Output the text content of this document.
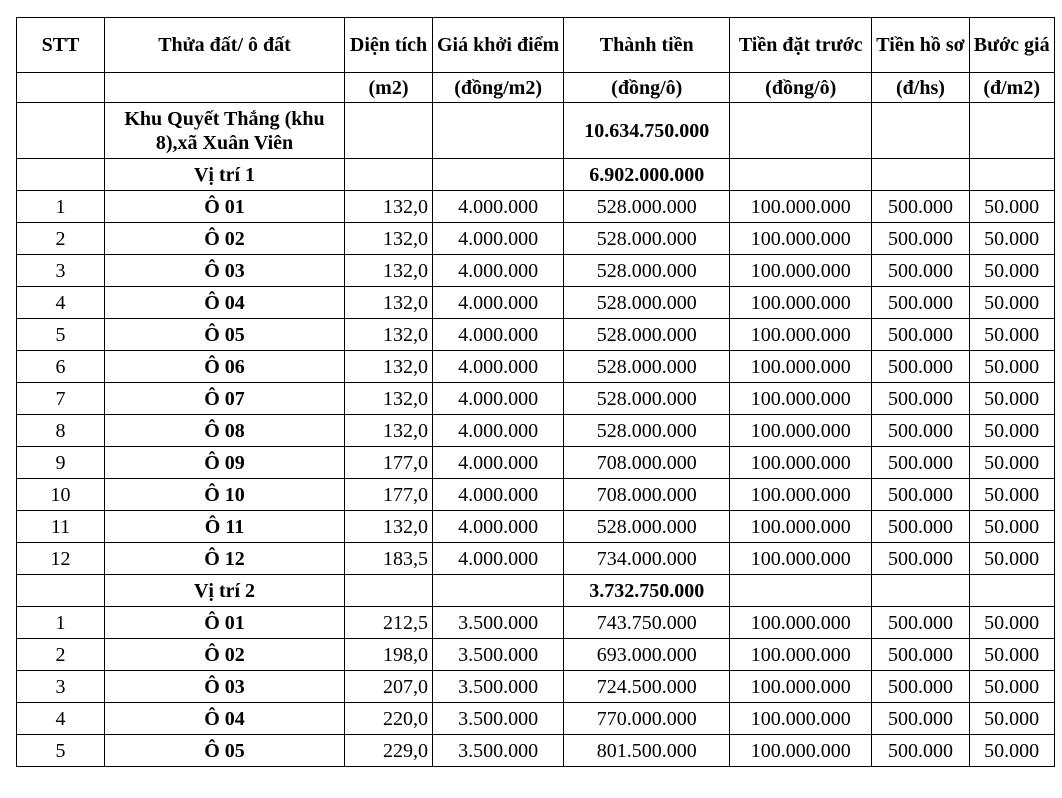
STT	Thửa đất/ ô đất	Diện tích	Giá khởi điểm	Thành tiền	Tiền đặt trước	Tiền hồ sơ	Bước giá
		(m2)	(đồng/m2)	(đồng/ô)	(đồng/ô)	(đ/hs)	(đ/m2)
	Khu Quyết Thắng (khu 8),xã Xuân Viên			10.634.750.000			
	Vị trí 1			6.902.000.000			
1	Ô 01	132,0	4.000.000	528.000.000	100.000.000	500.000	50.000
2	Ô 02	132,0	4.000.000	528.000.000	100.000.000	500.000	50.000
3	Ô 03	132,0	4.000.000	528.000.000	100.000.000	500.000	50.000
4	Ô 04	132,0	4.000.000	528.000.000	100.000.000	500.000	50.000
5	Ô 05	132,0	4.000.000	528.000.000	100.000.000	500.000	50.000
6	Ô 06	132,0	4.000.000	528.000.000	100.000.000	500.000	50.000
7	Ô 07	132,0	4.000.000	528.000.000	100.000.000	500.000	50.000
8	Ô 08	132,0	4.000.000	528.000.000	100.000.000	500.000	50.000
9	Ô 09	177,0	4.000.000	708.000.000	100.000.000	500.000	50.000
10	Ô 10	177,0	4.000.000	708.000.000	100.000.000	500.000	50.000
11	Ô 11	132,0	4.000.000	528.000.000	100.000.000	500.000	50.000
12	Ô 12	183,5	4.000.000	734.000.000	100.000.000	500.000	50.000
	Vị trí 2			3.732.750.000			
1	Ô 01	212,5	3.500.000	743.750.000	100.000.000	500.000	50.000
2	Ô 02	198,0	3.500.000	693.000.000	100.000.000	500.000	50.000
3	Ô 03	207,0	3.500.000	724.500.000	100.000.000	500.000	50.000
4	Ô 04	220,0	3.500.000	770.000.000	100.000.000	500.000	50.000
5	Ô 05	229,0	3.500.000	801.500.000	100.000.000	500.000	50.000
